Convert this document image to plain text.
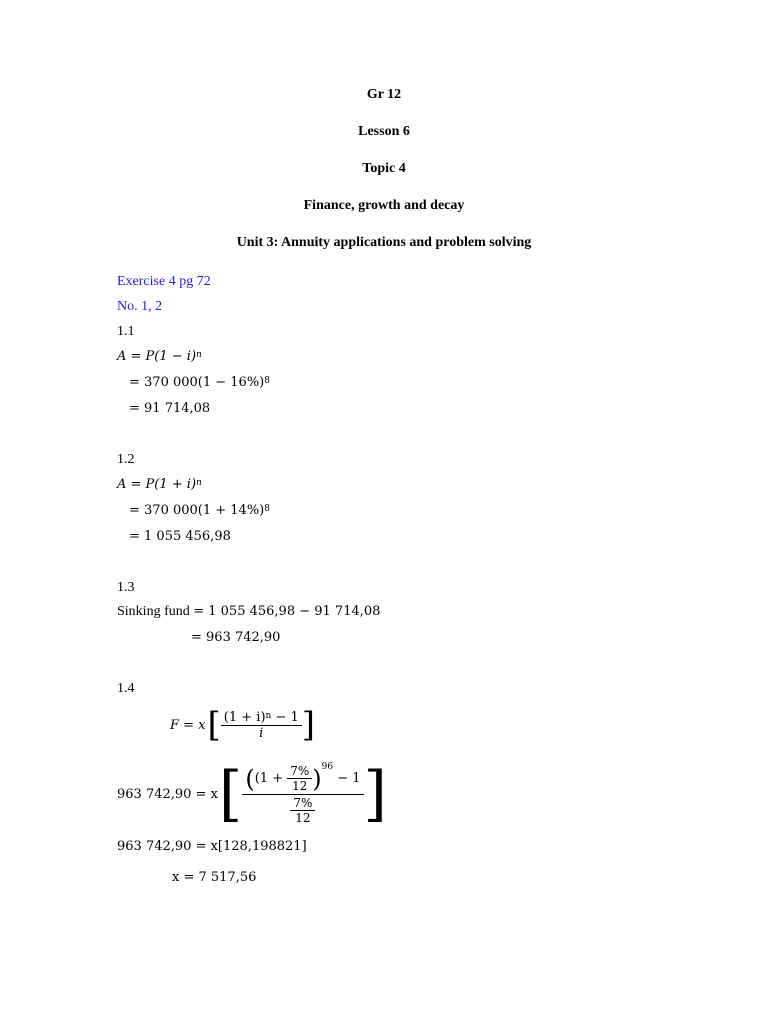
Gr 12
Lesson 6
Topic 4
Finance, growth and decay
Unit 3: Annuity applications and problem solving
Exercise 4 pg 72
No. 1, 2
1.1
$A = P(1 - i)^n$
= 370 $000(1 - 16\%)^8$
= 91 714,08
1.2
$A = P(1 + i)^n$
= 370 $000(1 + 14\%)^8$
= 1 055 456,98
1.3
Sinking fund = 1 055 456,98 − 91 714,08
= 963 742,90
1.4
F = x [ $\frac{(1 + i)^n - 1}{i}$ ]
963 742,90 = x [ ( $(1 + \frac{7\%}{12} )^{96}$
− 1
$\frac{7\%}{12}$ ]
963 742,90 = x[128,198821]
x = 7 517,56
